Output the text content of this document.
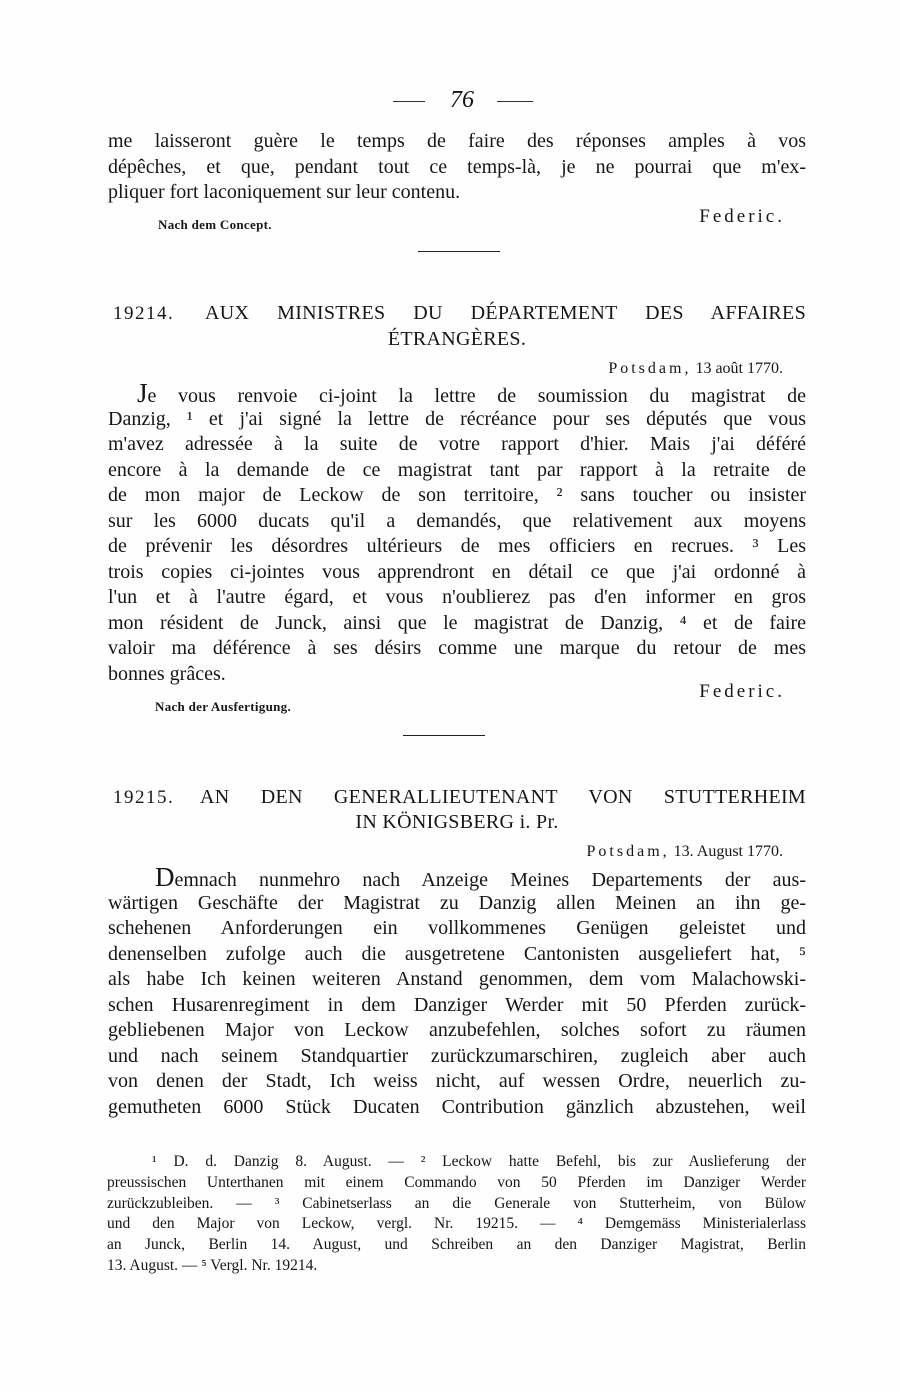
76
me laisseront guère le temps de faire des réponses amples à vos
dépêches, et que, pendant tout ce temps-là, je ne pourrai que m'ex-
pliquer fort laconiquement sur leur contenu.
Federic.
Nach dem Concept.
19214. AUX MINISTRES DU DÉPARTEMENT DES AFFAIRES
ÉTRANGÈRES.
Potsdam, 13 août 1770.
Je vous renvoie ci-joint la lettre de soumission du magistrat de
Danzig, ¹ et j'ai signé la lettre de récréance pour ses députés que vous
m'avez adressée à la suite de votre rapport d'hier. Mais j'ai déféré
encore à la demande de ce magistrat tant par rapport à la retraite de
de mon major de Leckow de son territoire, ² sans toucher ou insister
sur les 6000 ducats qu'il a demandés, que relativement aux moyens
de prévenir les désordres ultérieurs de mes officiers en recrues. ³ Les
trois copies ci-jointes vous apprendront en détail ce que j'ai ordonné à
l'un et à l'autre égard, et vous n'oublierez pas d'en informer en gros
mon résident de Junck, ainsi que le magistrat de Danzig, ⁴ et de faire
valoir ma déférence à ses désirs comme une marque du retour de mes
bonnes grâces.
Federic.
Nach der Ausfertigung.
19215. AN DEN GENERALLIEUTENANT VON STUTTERHEIM
IN KÖNIGSBERG i. Pr.
Potsdam, 13. August 1770.
Demnach nunmehro nach Anzeige Meines Departements der aus-
wärtigen Geschäfte der Magistrat zu Danzig allen Meinen an ihn ge-
schehenen Anforderungen ein vollkommenes Genügen geleistet und
denenselben zufolge auch die ausgetretene Cantonisten ausgeliefert hat, ⁵
als habe Ich keinen weiteren Anstand genommen, dem vom Malachowski-
schen Husarenregiment in dem Danziger Werder mit 50 Pferden zurück-
gebliebenen Major von Leckow anzubefehlen, solches sofort zu räumen
und nach seinem Standquartier zurückzumarschiren, zugleich aber auch
von denen der Stadt, Ich weiss nicht, auf wessen Ordre, neuerlich zu-
gemutheten 6000 Stück Ducaten Contribution gänzlich abzustehen, weil
¹ D. d. Danzig 8. August. — ² Leckow hatte Befehl, bis zur Auslieferung der
preussischen Unterthanen mit einem Commando von 50 Pferden im Danziger Werder
zurückzubleiben. — ³ Cabinetserlass an die Generale von Stutterheim, von Bülow
und den Major von Leckow, vergl. Nr. 19215. — ⁴ Demgemäss Ministerialerlass
an Junck, Berlin 14. August, und Schreiben an den Danziger Magistrat, Berlin
13. August. — ⁵ Vergl. Nr. 19214.
